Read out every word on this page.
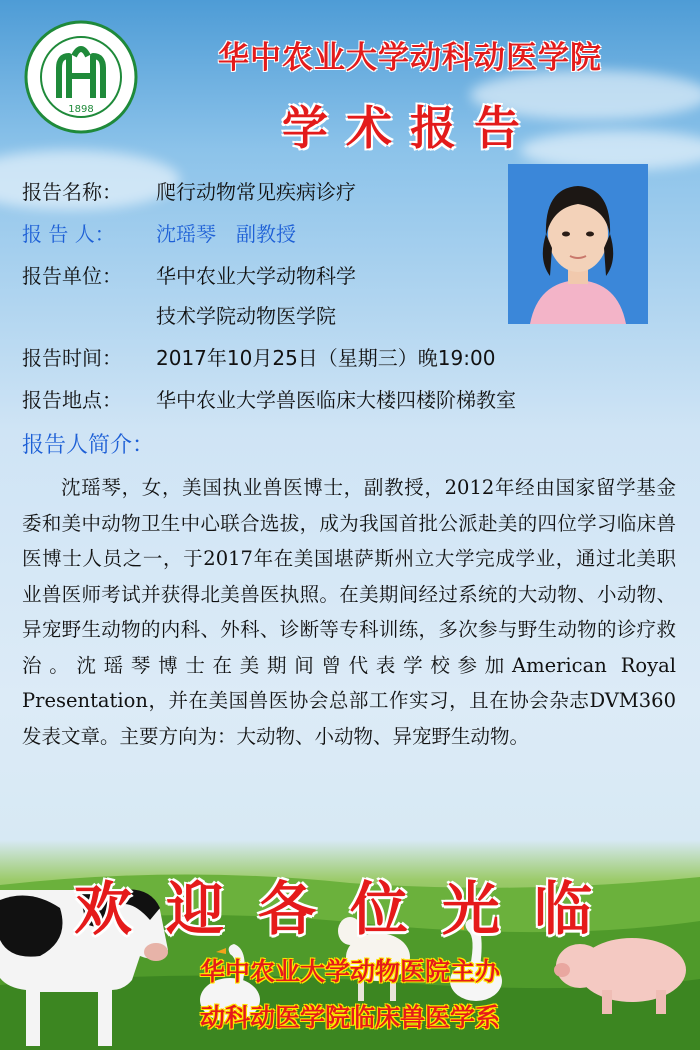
1898
华中农业大学动科动医学院
学术报告
报告名称： 爬行动物常见疾病诊疗
报 告 人： 沈瑶琴　副教授
报告单位： 华中农业大学动物科学
技术学院动物医学院
报告时间： 2017年10月25日（星期三）晚19:00
报告地点： 华中农业大学兽医临床大楼四楼阶梯教室
报告人简介：
沈瑶琴，女，美国执业兽医博士，副教授，2012年经由国家留学基金委和美中动物卫生中心联合选拔，成为我国首批公派赴美的四位学习临床兽医博士人员之一，于2017年在美国堪萨斯州立大学完成学业，通过北美职业兽医师考试并获得北美兽医执照。在美期间经过系统的大动物、小动物、异宠野生动物的内科、外科、诊断等专科训练，多次参与野生动物的诊疗救治。沈瑶琴博士在美期间曾代表学校参加American Royal Presentation，并在美国兽医协会总部工作实习，且在协会杂志DVM360发表文章。主要方向为：大动物、小动物、异宠野生动物。
欢迎各位光临
华中农业大学动物医院主办
动科动医学院临床兽医学系
